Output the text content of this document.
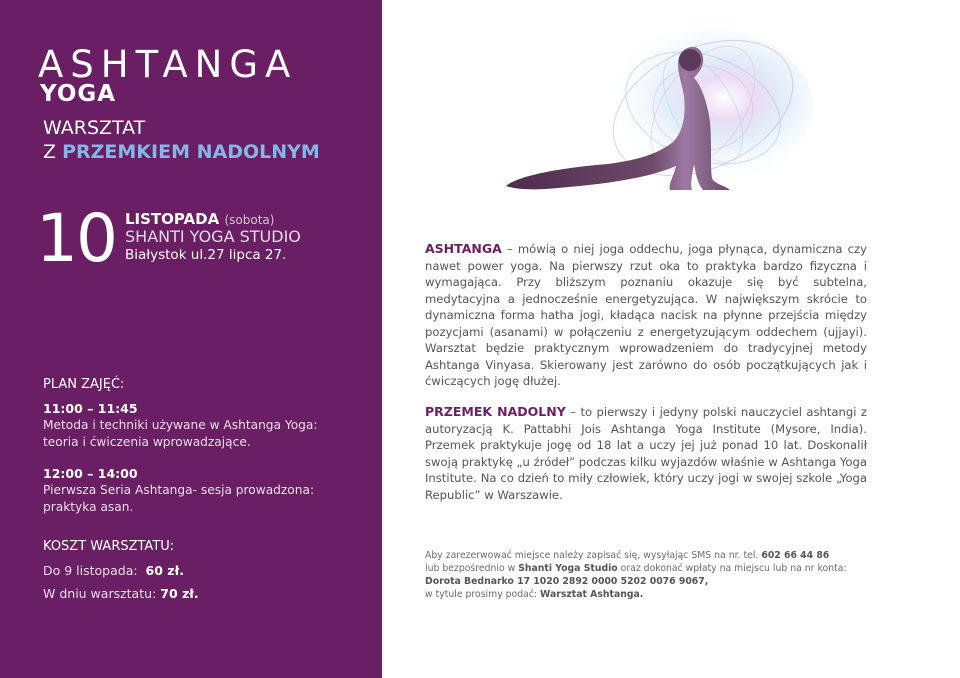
ASHTANGA
YOGA
WARSZTAT
Z PRZEMKIEM NADOLNYM
10 LISTOPADA (sobota)
SHANTI YOGA STUDIO
Białystok ul.27 lipca 27.
PLAN ZAJĘĆ:
11:00 – 11:45
Metoda i techniki używane w Ashtanga Yoga:
teoria i ćwiczenia wprowadzające.
12:00 – 14:00
Pierwsza Seria Ashtanga- sesja prowadzona:
praktyka asan.
KOSZT WARSZTATU:
Do 9 listopada: 60 zł.
W dniu warsztatu: 70 zł.
ASHTANGA – mówią o niej joga oddechu, joga płynąca, dynamiczna czy nawet power yoga. Na pierwszy rzut oka to praktyka bardzo fizyczna i wymagająca. Przy bliższym poznaniu okazuje się być subtelna, medytacyjna a jednocześnie energetyzująca. W największym skrócie to dynamiczna forma hatha jogi, kładąca nacisk na płynne przejścia między pozycjami (asanami) w połączeniu z energetyzującym oddechem (ujjayi). Warsztat będzie praktycznym wprowadzeniem do tradycyjnej metody Ashtanga Vinyasa. Skierowany jest zarówno do osób początkujących jak i ćwiczących jogę dłużej.
PRZEMEK NADOLNY – to pierwszy i jedyny polski nauczyciel ashtangi z autoryzacją K. Pattabhi Jois Ashtanga Yoga Institute (Mysore, India). Przemek praktykuje jogę od 18 lat a uczy jej już ponad 10 lat. Doskonalił swoją praktykę „u źródeł” podczas kilku wyjazdów właśnie w Ashtanga Yoga Institute. Na co dzień to miły człowiek, który uczy jogi w swojej szkole „Yoga Republic” w Warszawie.
Aby zarezerwować miejsce należy zapisać się, wysyłając SMS na nr. tel. 602 66 44 86
lub bezpośrednio w Shanti Yoga Studio oraz dokonać wpłaty na miejscu lub na nr konta:
Dorota Bednarko 17 1020 2892 0000 5202 0076 9067,
w tytule prosimy podać: Warsztat Ashtanga.
